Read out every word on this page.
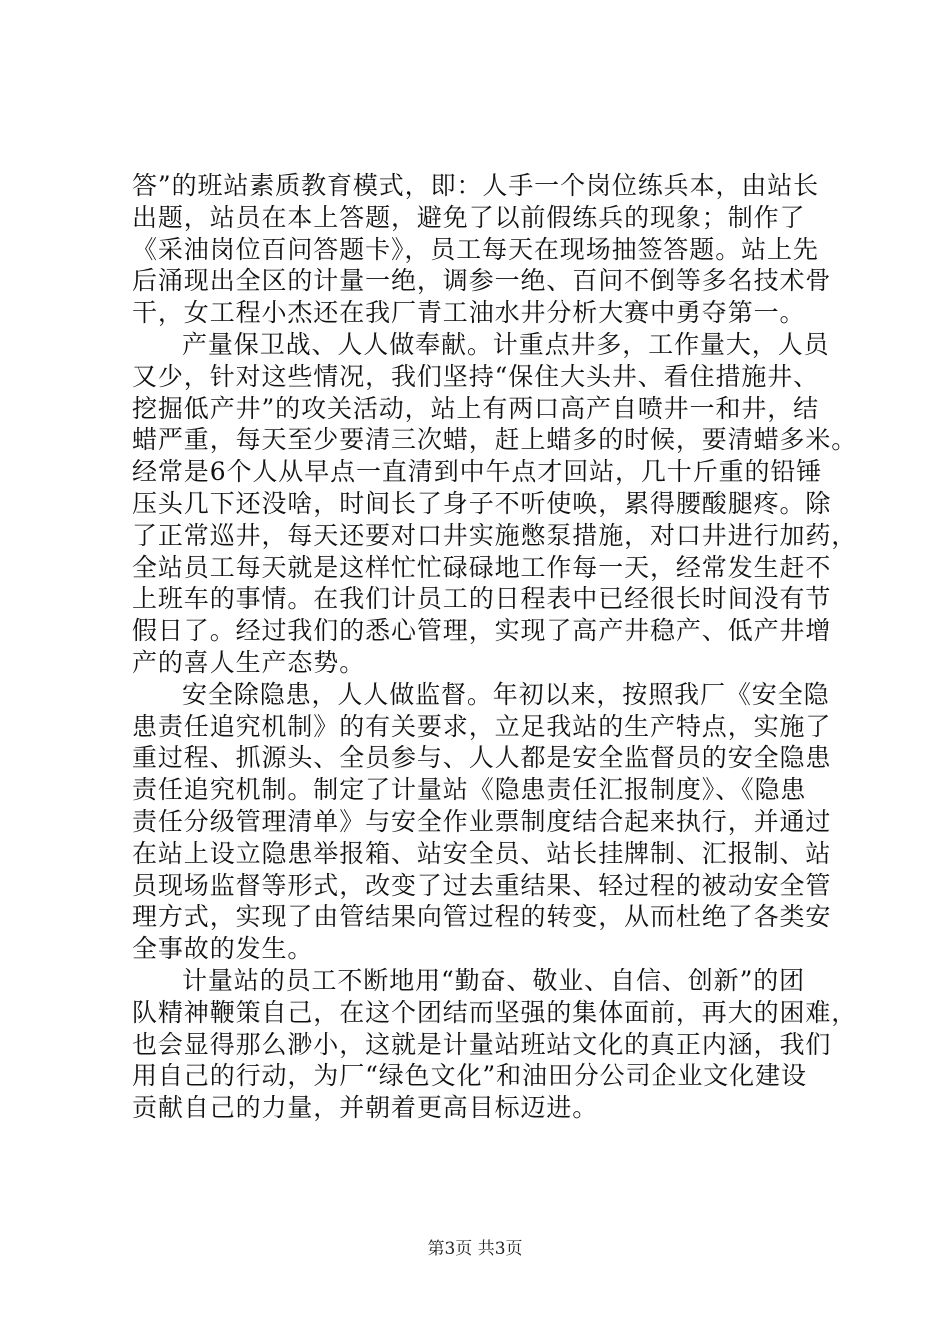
答”的班站素质教育模式，即：人手一个岗位练兵本，由站长
出题，站员在本上答题，避免了以前假练兵的现象；制作了
《采油岗位百问答题卡》，员工每天在现场抽签答题。站上先
后涌现出全区的计量一绝，调参一绝、百问不倒等多名技术骨
干，女工程小杰还在我厂青工油水井分析大赛中勇夺第一。
产量保卫战、人人做奉献。计重点井多，工作量大，人员
又少，针对这些情况，我们坚持“保住大头井、看住措施井、
挖掘低产井”的攻关活动，站上有两口高产自喷井一和井，结
蜡严重，每天至少要清三次蜡，赶上蜡多的时候，要清蜡多米。
经常是6个人从早点一直清到中午点才回站，几十斤重的铅锤
压头几下还没啥，时间长了身子不听使唤，累得腰酸腿疼。除
了正常巡井，每天还要对口井实施憋泵措施，对口井进行加药，
全站员工每天就是这样忙忙碌碌地工作每一天，经常发生赶不
上班车的事情。在我们计员工的日程表中已经很长时间没有节
假日了。经过我们的悉心管理，实现了高产井稳产、低产井增
产的喜人生产态势。
安全除隐患，人人做监督。年初以来，按照我厂《安全隐
患责任追究机制》的有关要求，立足我站的生产特点，实施了
重过程、抓源头、全员参与、人人都是安全监督员的安全隐患
责任追究机制。制定了计量站《隐患责任汇报制度》、《隐患
责任分级管理清单》与安全作业票制度结合起来执行，并通过
在站上设立隐患举报箱、站安全员、站长挂牌制、汇报制、站
员现场监督等形式，改变了过去重结果、轻过程的被动安全管
理方式，实现了由管结果向管过程的转变，从而杜绝了各类安
全事故的发生。
计量站的员工不断地用“勤奋、敬业、自信、创新”的团
队精神鞭策自己，在这个团结而坚强的集体面前，再大的困难，
也会显得那么渺小，这就是计量站班站文化的真正内涵，我们
用自己的行动，为厂“绿色文化”和油田分公司企业文化建设
贡献自己的力量，并朝着更高目标迈进。
第3页 共3页
